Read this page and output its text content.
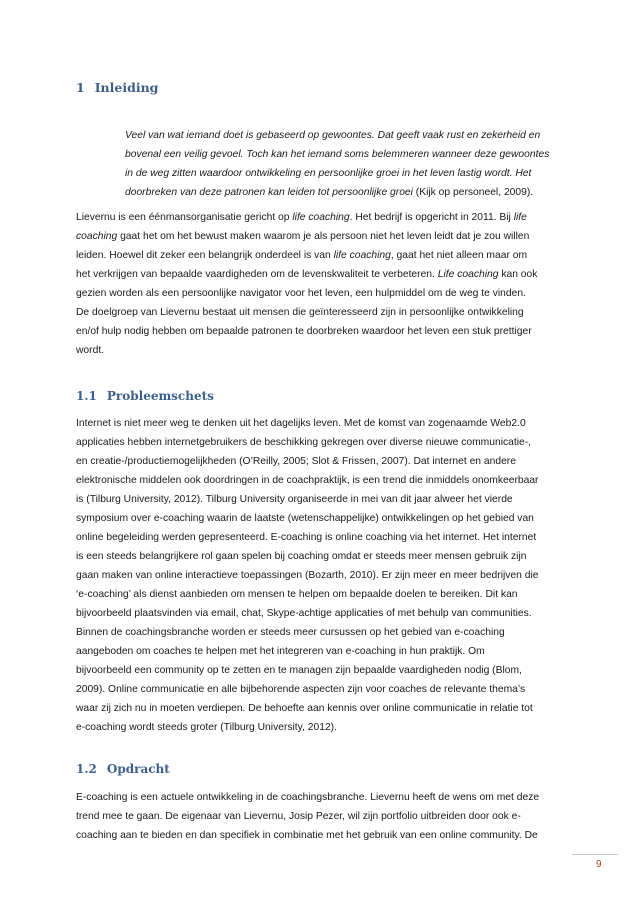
1 Inleiding
Veel van wat iemand doet is gebaseerd op gewoontes. Dat geeft vaak rust en zekerheid en
bovenal een veilig gevoel. Toch kan het iemand soms belemmeren wanneer deze gewoontes
in de weg zitten waardoor ontwikkeling en persoonlijke groei in het leven lastig wordt. Het
doorbreken van deze patronen kan leiden tot persoonlijke groei (Kijk op personeel, 2009).
Lievernu is een éénmansorganisatie gericht op life coaching. Het bedrijf is opgericht in 2011. Bij life
coaching gaat het om het bewust maken waarom je als persoon niet het leven leidt dat je zou willen
leiden. Hoewel dit zeker een belangrijk onderdeel is van life coaching, gaat het niet alleen maar om
het verkrijgen van bepaalde vaardigheden om de levenskwaliteit te verbeteren. Life coaching kan ook
gezien worden als een persoonlijke navigator voor het leven, een hulpmiddel om de weg te vinden.
De doelgroep van Lievernu bestaat uit mensen die geïnteresseerd zijn in persoonlijke ontwikkeling
en/of hulp nodig hebben om bepaalde patronen te doorbreken waardoor het leven een stuk prettiger
wordt.
1.1 Probleemschets
Internet is niet meer weg te denken uit het dagelijks leven. Met de komst van zogenaamde Web2.0
applicaties hebben internetgebruikers de beschikking gekregen over diverse nieuwe communicatie-,
en creatie-/productiemogelijkheden (O’Reilly, 2005; Slot & Frissen, 2007). Dat internet en andere
elektronische middelen ook doordringen in de coachpraktijk, is een trend die inmiddels onomkeerbaar
is (Tilburg University, 2012). Tilburg University organiseerde in mei van dit jaar alweer het vierde
symposium over e-coaching waarin de laatste (wetenschappelijke) ontwikkelingen op het gebied van
online begeleiding werden gepresenteerd. E-coaching is online coaching via het internet. Het internet
is een steeds belangrijkere rol gaan spelen bij coaching omdat er steeds meer mensen gebruik zijn
gaan maken van online interactieve toepassingen (Bozarth, 2010). Er zijn meer en meer bedrijven die
‘e-coaching’ als dienst aanbieden om mensen te helpen om bepaalde doelen te bereiken. Dit kan
bijvoorbeeld plaatsvinden via email, chat, Skype-achtige applicaties of met behulp van communities.
Binnen de coachingsbranche worden er steeds meer cursussen op het gebied van e-coaching
aangeboden om coaches te helpen met het integreren van e-coaching in hun praktijk. Om
bijvoorbeeld een community op te zetten en te managen zijn bepaalde vaardigheden nodig (Blom,
2009). Online communicatie en alle bijbehorende aspecten zijn voor coaches de relevante thema’s
waar zij zich nu in moeten verdiepen. De behoefte aan kennis over online communicatie in relatie tot
e-coaching wordt steeds groter (Tilburg University, 2012).
1.2 Opdracht
E-coaching is een actuele ontwikkeling in de coachingsbranche. Lievernu heeft de wens om met deze
trend mee te gaan. De eigenaar van Lievernu, Josip Pezer, wil zijn portfolio uitbreiden door ook e-
coaching aan te bieden en dan specifiek in combinatie met het gebruik van een online community. De
9
